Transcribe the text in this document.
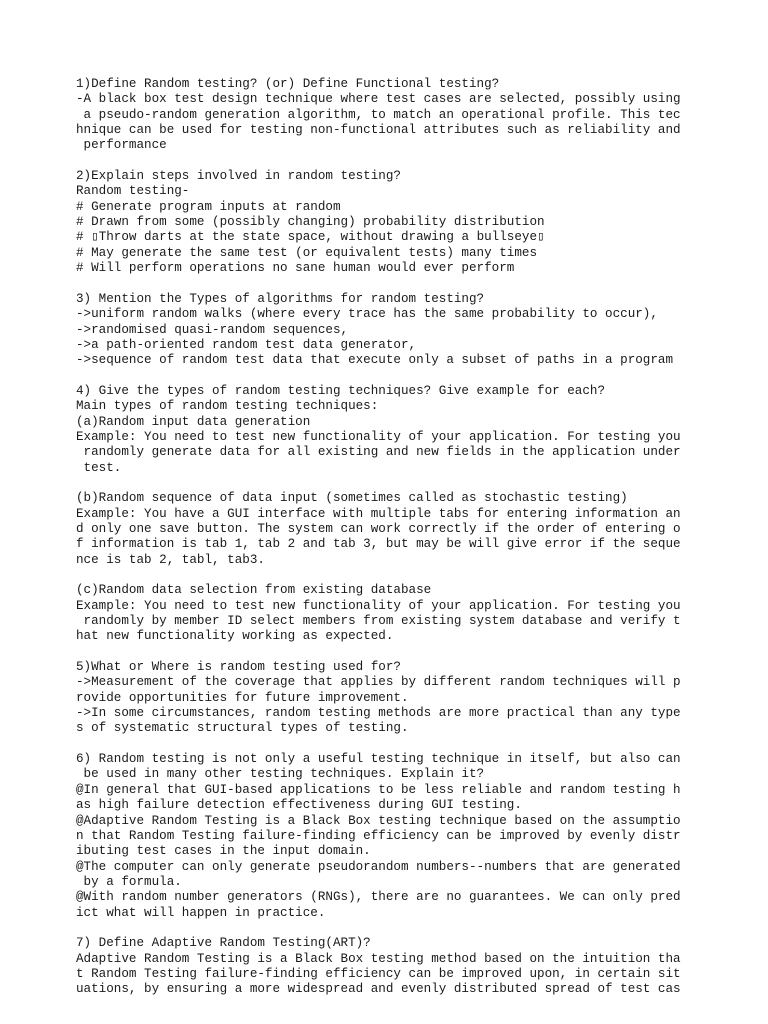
1)Define Random testing? (or) Define Functional testing?
-A black box test design technique where test cases are selected, possibly using
a pseudo-random generation algorithm, to match an operational profile. This tec
hnique can be used for testing non-functional attributes such as reliability and
performance
2)Explain steps involved in random testing?
Random testing-
# Generate program inputs at random
# Drawn from some (possibly changing) probability distribution
# ▯Throw darts at the state space, without drawing a bullseye▯
# May generate the same test (or equivalent tests) many times
# Will perform operations no sane human would ever perform
3) Mention the Types of algorithms for random testing?
->uniform random walks (where every trace has the same probability to occur),
->randomised quasi-random sequences,
->a path-oriented random test data generator,
->sequence of random test data that execute only a subset of paths in a program
4) Give the types of random testing techniques? Give example for each?
Main types of random testing techniques:
(a)Random input data generation
Example: You need to test new functionality of your application. For testing you
randomly generate data for all existing and new fields in the application under
test.
(b)Random sequence of data input (sometimes called as stochastic testing)
Example: You have a GUI interface with multiple tabs for entering information an
d only one save button. The system can work correctly if the order of entering o
f information is tab 1, tab 2 and tab 3, but may be will give error if the seque
nce is tab 2, tabl, tab3.
(c)Random data selection from existing database
Example: You need to test new functionality of your application. For testing you
randomly by member ID select members from existing system database and verify t
hat new functionality working as expected.
5)What or Where is random testing used for?
->Measurement of the coverage that applies by different random techniques will p
rovide opportunities for future improvement.
->In some circumstances, random testing methods are more practical than any type
s of systematic structural types of testing.
6) Random testing is not only a useful testing technique in itself, but also can
be used in many other testing techniques. Explain it?
@In general that GUI-based applications to be less reliable and random testing h
as high failure detection effectiveness during GUI testing.
@Adaptive Random Testing is a Black Box testing technique based on the assumptio
n that Random Testing failure-finding efficiency can be improved by evenly distr
ibuting test cases in the input domain.
@The computer can only generate pseudorandom numbers--numbers that are generated
by a formula.
@With random number generators (RNGs), there are no guarantees. We can only pred
ict what will happen in practice.
7) Define Adaptive Random Testing(ART)?
Adaptive Random Testing is a Black Box testing method based on the intuition tha
t Random Testing failure-finding efficiency can be improved upon, in certain sit
uations, by ensuring a more widespread and evenly distributed spread of test cas
